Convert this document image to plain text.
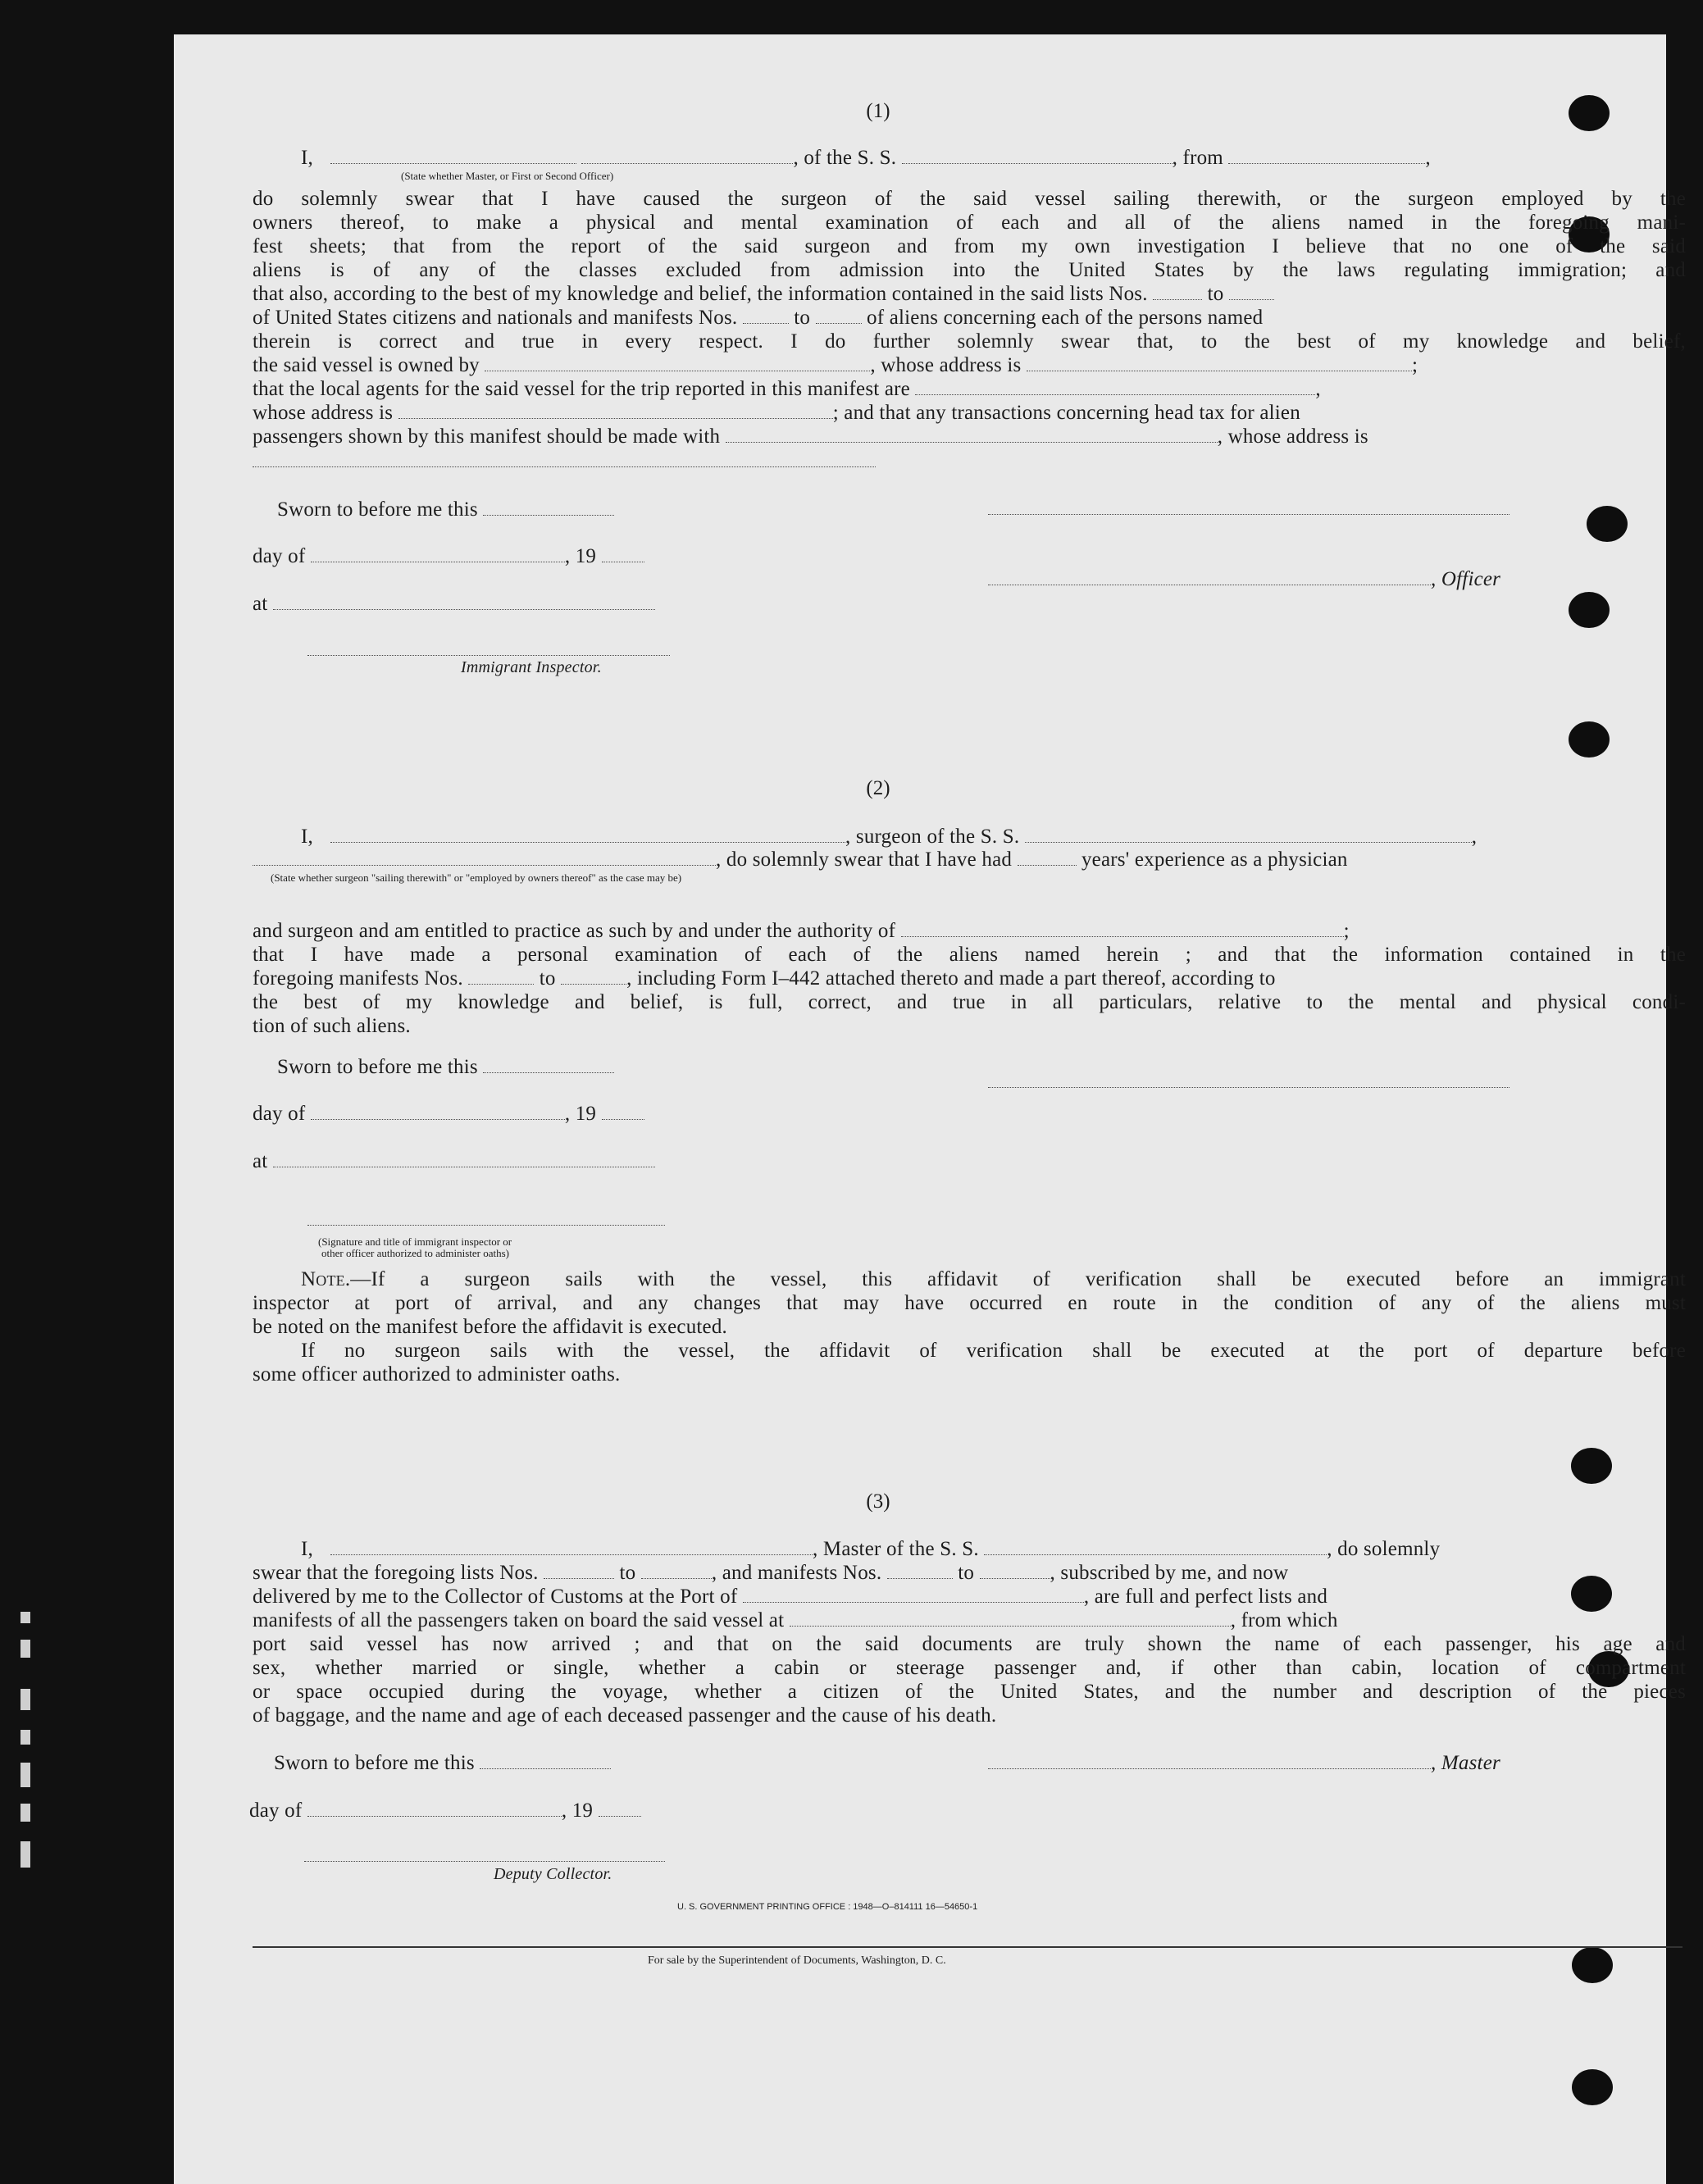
(1)
I,	, of the S. S.	, from	,
(State whether Master, or First or Second Officer)
do solemnly swear that I have caused the surgeon of the said vessel sailing therewith, or the surgeon employed by the
owners thereof, to make a physical and mental examination of each and all of the aliens named in the foregoing mani-
fest sheets; that from the report of the said surgeon and from my own investigation I believe that no one of the said
aliens is of any of the classes excluded from admission into the United States by the laws regulating immigration; and
that also, according to the best of my knowledge and belief, the information contained in the said lists Nos.	to
of United States citizens and nationals and manifests Nos.	to	of aliens concerning each of the persons named
therein is correct and true in every respect. I do further solemnly swear that, to the best of my knowledge and belief,
the said vessel is owned by	, whose address is	;
that the local agents for the said vessel for the trip reported in this manifest are	,
whose address is	; and that any transactions concerning head tax for alien
passengers shown by this manifest should be made with	, whose address is
Sworn to before me this
day of	, 19
, Officer
at
Immigrant Inspector.
(2)
I,	, surgeon of the S. S.	,
, do solemnly swear that I have had	years' experience as a physician
(State whether surgeon "sailing therewith" or "employed by owners thereof" as the case may be)
and surgeon and am entitled to practice as such by and under the authority of	;
that I have made a personal examination of each of the aliens named herein ; and that the information contained in the
foregoing manifests Nos.	to	, including Form I–442 attached thereto and made a part thereof, according to
the best of my knowledge and belief, is full, correct, and true in all particulars, relative to the mental and physical condi-
tion of such aliens.
Sworn to before me this
day of	, 19
at
(Signature and title of immigrant inspector or
other officer authorized to administer oaths)
Note.—If a surgeon sails with the vessel, this affidavit of verification shall be executed before an immigrant
inspector at port of arrival, and any changes that may have occurred en route in the condition of any of the aliens must
be noted on the manifest before the affidavit is executed.
If no surgeon sails with the vessel, the affidavit of verification shall be executed at the port of departure before
some officer authorized to administer oaths.
(3)
I,	, Master of the S. S.	, do solemnly
swear that the foregoing lists Nos.	to	, and manifests Nos.	to	, subscribed by me, and now
delivered by me to the Collector of Customs at the Port of	, are full and perfect lists and
manifests of all the passengers taken on board the said vessel at	, from which
port said vessel has now arrived ; and that on the said documents are truly shown the name of each passenger, his age and
sex, whether married or single, whether a cabin or steerage passenger and, if other than cabin, location of compartment
or space occupied during the voyage, whether a citizen of the United States, and the number and description of the pieces
of baggage, and the name and age of each deceased passenger and the cause of his death.
Sworn to before me this	, Master
day of	, 19
Deputy Collector.
U. S. GOVERNMENT PRINTING OFFICE : 1948—O–814111 16—54650-1
For sale by the Superintendent of Documents, Washington, D. C.
